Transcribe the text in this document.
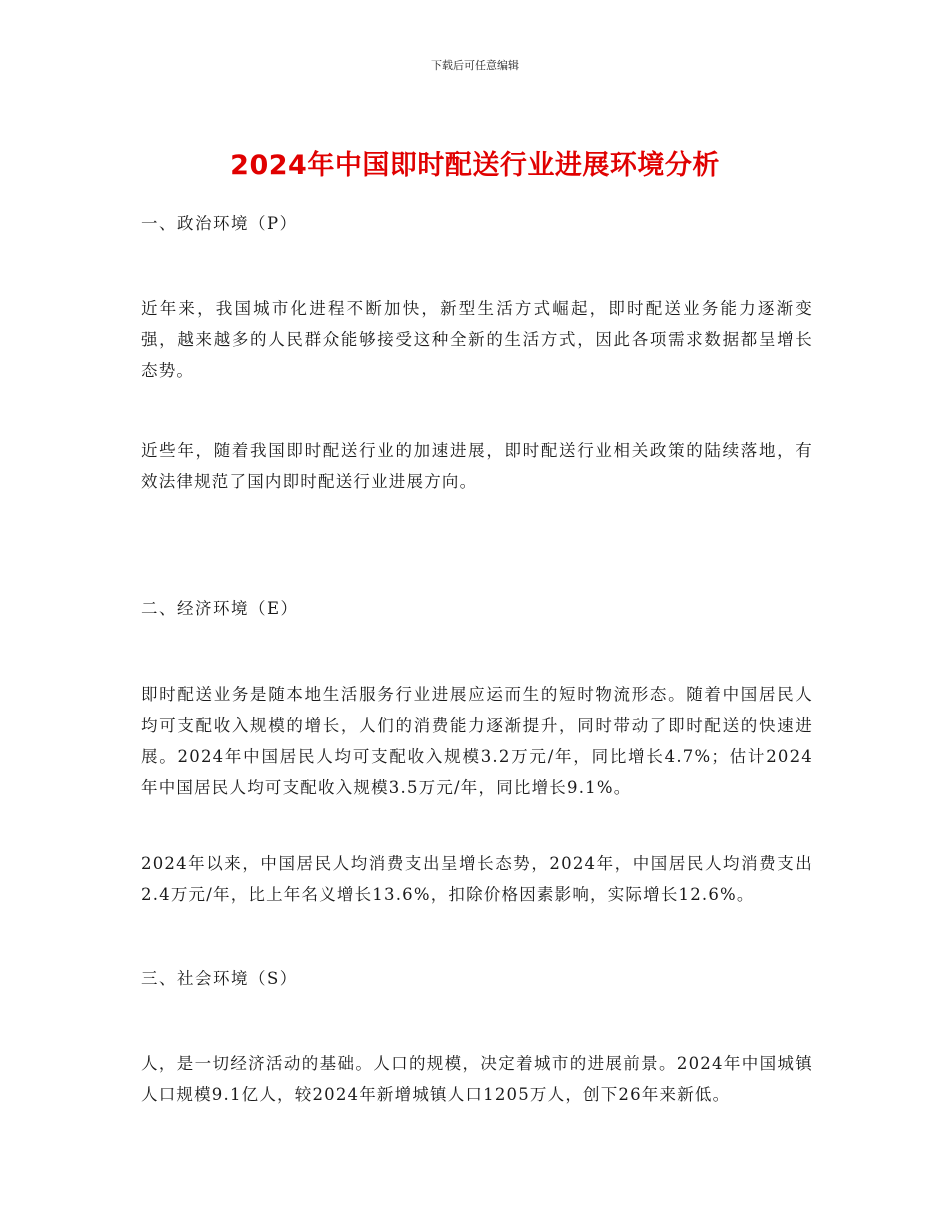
下载后可任意编辑
2024年中国即时配送行业进展环境分析
一、政治环境（P）
近年来，我国城市化进程不断加快，新型生活方式崛起，即时配送业务能力逐渐变强，越来越多的人民群众能够接受这种全新的生活方式，因此各项需求数据都呈增长态势。
近些年，随着我国即时配送行业的加速进展，即时配送行业相关政策的陆续落地，有效法律规范了国内即时配送行业进展方向。
二、经济环境（E）
即时配送业务是随本地生活服务行业进展应运而生的短时物流形态。随着中国居民人均可支配收入规模的增长，人们的消费能力逐渐提升，同时带动了即时配送的快速进展。2024年中国居民人均可支配收入规模3.2万元/年，同比增长4.7%；估计2024年中国居民人均可支配收入规模3.5万元/年，同比增长9.1%。
2024年以来，中国居民人均消费支出呈增长态势，2024年，中国居民人均消费支出2.4万元/年，比上年名义增长13.6%，扣除价格因素影响，实际增长12.6%。
三、社会环境（S）
人，是一切经济活动的基础。人口的规模，决定着城市的进展前景。2024年中国城镇人口规模9.1亿人，较2024年新增城镇人口1205万人，创下26年来新低。
